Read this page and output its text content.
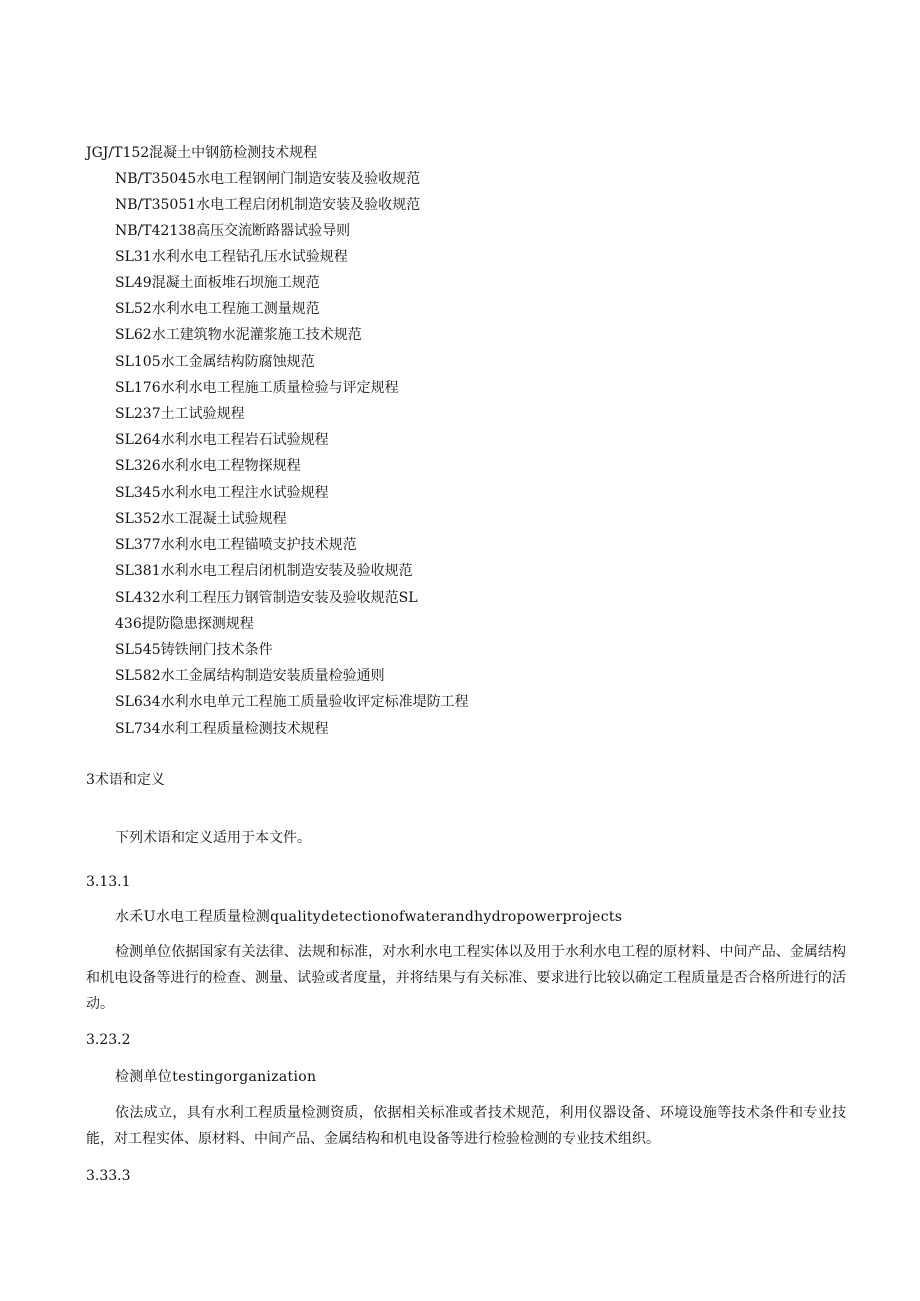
JGJ/T152混凝土中钢筋检测技术规程
NB/T35045水电工程钢闸门制造安装及验收规范
NB/T35051水电工程启闭机制造安装及验收规范
NB/T42138高压交流断路器试验导则
SL31水利水电工程钻孔压水试验规程
SL49混凝土面板堆石坝施工规范
SL52水利水电工程施工测量规范
SL62水工建筑物水泥灌浆施工技术规范
SL105水工金属结构防腐蚀规范
SL176水利水电工程施工质量检验与评定规程
SL237土工试验规程
SL264水利水电工程岩石试验规程
SL326水利水电工程物探规程
SL345水利水电工程注水试验规程
SL352水工混凝土试验规程
SL377水利水电工程锚喷支护技术规范
SL381水利水电工程启闭机制造安装及验收规范
SL432水利工程压力钢管制造安装及验收规范SL
436提防隐患探测规程
SL545铸铁闸门技术条件
SL582水工金属结构制造安装质量检验通则
SL634水利水电单元工程施工质量验收评定标准堤防工程
SL734水利工程质量检测技术规程
3术语和定义
下列术语和定义适用于本文件。
3.13.1
水禾U水电工程质量检测qualitydetectionofwaterandhydropowerprojects

检测单位依据国家有关法律、法规和标准，对水利水电工程实体以及用于水利水电工程的原材料、中间产品、金属结构和机电设备等进行的检查、测量、试验或者度量，并将结果与有关标准、要求进行比较以确定工程质量是否合格所进行的活动。

3.23.2
检测单位testingorganization

依法成立，具有水利工程质量检测资质，依据相关标准或者技术规范，利用仪器设备、环境设施等技术条件和专业技能，对工程实体、原材料、中间产品、金属结构和机电设备等进行检验检测的专业技术组织。

3.33.3
